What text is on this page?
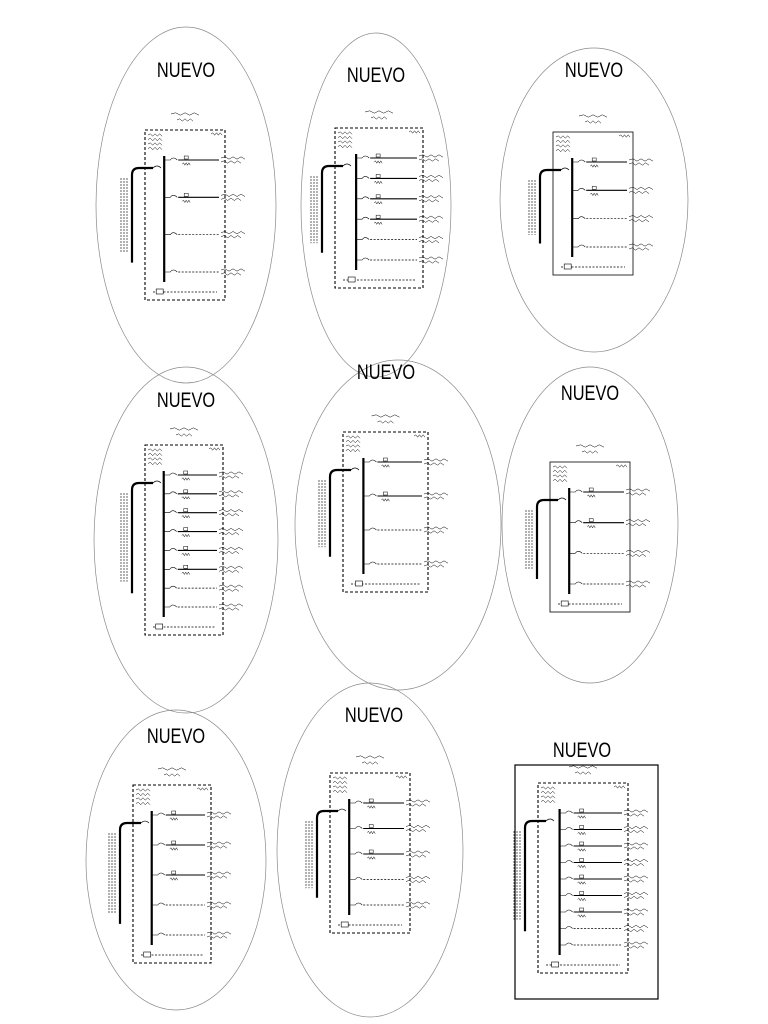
NUEVO	NUEVO	NUEVO
NUEVO
NUEVO
NUEVO
NUEVO
NUEVO
NUEVO
